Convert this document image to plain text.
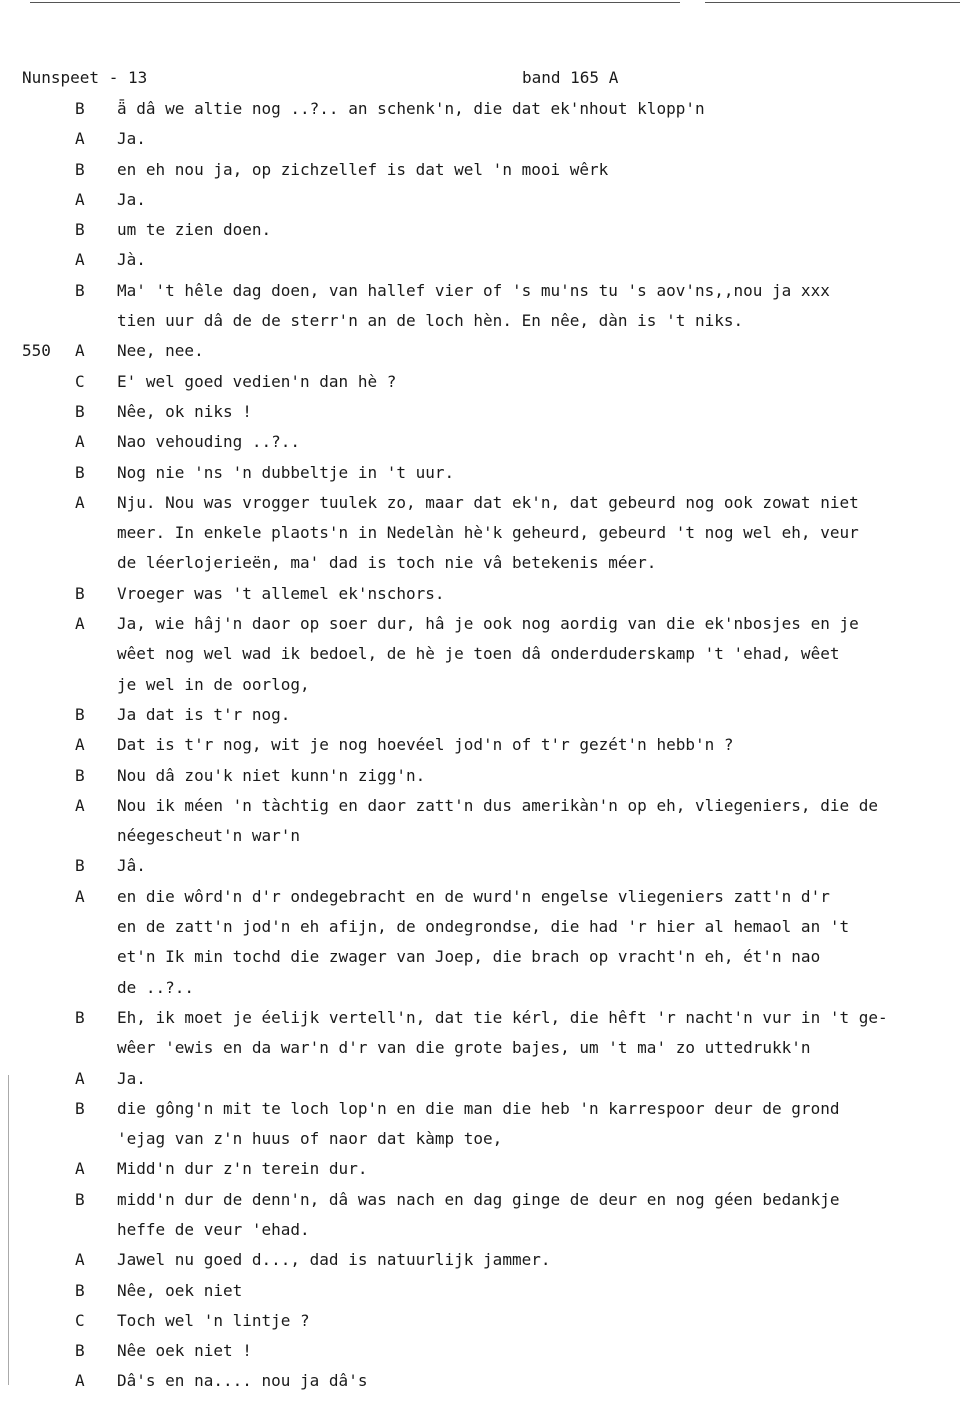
Nunspeet - 13	band 165 A
B	ǟ dâ we altie nog ..?.. an schenk'n, die dat ek'nhout klopp'n
A	Ja.
B	en eh nou ja, op zichzellef is dat wel 'n mooi wêrk
A	Ja.
B	um te zien doen.
A	Jà.
B	Ma' 't hêle dag doen, van hallef vier of 's mu'ns tu 's aov'ns,,nou ja xxx
tien uur dâ de de sterr'n an de loch hèn. En nêe, dàn is 't niks.
550	A	Nee, nee.
C	E' wel goed vedien'n dan hè ?
B	Nêe, ok niks !
A	Nao vehouding ..?..
B	Nog nie 'ns 'n dubbeltje in 't uur.
A	Nju. Nou was vrogger tuulek zo, maar dat ek'n, dat gebeurd nog ook zowat niet
meer. In enkele plaots'n in Nedelàn hè'k geheurd, gebeurd 't nog wel eh, veur
de léerlojerieën, ma' dad is toch nie vâ betekenis méer.
B	Vroeger was 't allemel ek'nschors.
A	Ja, wie hâj'n daor op soer dur, hâ je ook nog aordig van die ek'nbosjes en je
wêet nog wel wad ik bedoel, de hè je toen dâ onderduderskamp 't 'ehad, wêet
je wel in de oorlog,
B	Ja dat is t'r nog.
A	Dat is t'r nog, wit je nog hoevéel jod'n of t'r gezét'n hebb'n ?
B	Nou dâ zou'k niet kunn'n zigg'n.
A	Nou ik méen 'n tàchtig en daor zatt'n dus amerikàn'n op eh, vliegeniers, die de
néegescheut'n war'n
B	Jâ.
A	en die wôrd'n d'r ondegebracht en de wurd'n engelse vliegeniers zatt'n d'r
en de zatt'n jod'n eh afijn, de ondegrondse, die had 'r hier al hemaol an 't
et'n Ik min tochd die zwager van Joep, die brach op vracht'n eh, ét'n nao
de ..?..
B	Eh, ik moet je éelijk vertell'n, dat tie kérl, die hêft 'r nacht'n vur in 't ge-
wêer 'ewis en da war'n d'r van die grote bajes, um 't ma' zo uttedrukk'n
A	Ja.
B	die gông'n mit te loch lop'n en die man die heb 'n karrespoor deur de grond
'ejag van z'n huus of naor dat kàmp toe,
A	Midd'n dur z'n terein dur.
B	midd'n dur de denn'n, dâ was nach en dag ginge de deur en nog géen bedankje
heffe de veur 'ehad.
A	Jawel nu goed d..., dad is natuurlijk jammer.
B	Nêe, oek niet
C	Toch wel 'n lintje ?
B	Nêe oek niet !
A	Dâ's en na.... nou ja dâ's
